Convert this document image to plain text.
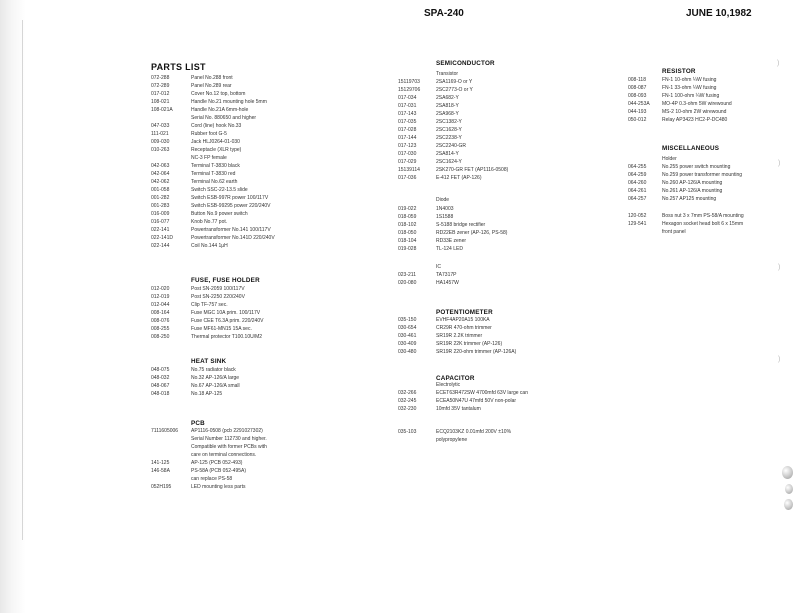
SPA-240	JUNE 10,1982
PARTS LIST
072-288	Panel No.288 front
072-289	Panel No.289 rear
017-012	Cover No.12 top, bottom
108-021	Handle No.21 mounting hole 5mm
108-021A	Handle No.21A 6mm-hole
Serial No. 880650 and higher
047-033	Cord (line) hook No.33
111-021	Rubber foot G-5
009-030	Jack HLJ0264-01-030
010-263	Receptacle (XLR type)
NC-3 FP female
042-063	Terminal T-3830 black
042-064	Terminal T-3830 red
042-062	Terminal No.62 earth
001-058	Switch SSC-22-13.5 slide
001-282	Switch ESB-997R power 100/117V
001-283	Switch ESB-99295 power 220/240V
016-009	Button No.9 power switch
016-077	Knob No.77 pot.
022-141	Powertransformer No.141 100/117V
022-141D	Powertransformer No.141D 220/240V
022-144	Coil No.144 1μH
FUSE, FUSE HOLDER
012-020	Post SN-2059 100/117V
012-019	Post SN-2250 220/240V
012-044	Clip TF-757 sec.
008-164	Fuse MGC 10A prim. 100/117V
008-076	Fuse CEE T6.3A prim. 220/240V
008-255	Fuse MF61-MN15 15A sec.
008-250	Thermal protector T100.10U/M2
HEAT SINK
048-075	No.75 radiator black
048-032	No.32 AP-126/A large
048-067	No.67 AP-126/A small
048-018	No.18 AP-125
PCB
7111605006	AP1116-0508 (pcb 2291027302)
Serial Number 112730 and higher.
Compatible with former PCBs with
care on terminal connections.
141-125	AP-125 (PCB 052-493)
146-58A	PS-58A (PCB 052-495A)
can replace PS-58
052H195	LED mounting less parts
SEMICONDUCTOR
Transistor
15119703	2SA1169-O or Y
15129706	2SC2773-O or Y
017-034	2SA682-Y
017-031	2SA818-Y
017-143	2SA968-Y
017-035	2SC1382-Y
017-028	2SC1628-Y
017-144	2SC2238-Y
017-123	2SC2240-GR
017-030	2SA814-Y
017-029	2SC1624-Y
15139114	2SK270-GR FET (AP1116-0508)
017-036	E-412 FET (AP-126)
Diode
019-022	1N4003
018-059	1S1588
018-102	S-5188 bridge rectifier
018-050	RD22EB zener (AP-126, PS-58)
018-104	RD33E zener
019-028	TL-124 LED
IC
023-211	TA7317P
020-080	HA1457W
POTENTIOMETER
035-150	EVHF4AP20A15 100KA
030-654	CR29R 470-ohm trimmer
030-461	SR19R 2.2K trimmer
030-409	SR19R 22K trimmer (AP-126)
030-480	SR19R 220-ohm trimmer (AP-126A)
CAPACITOR
Electrolytic
032-266	ECET63R472SW 4700mfd 63V large can
032-245	ECEA50N47U 47mfd 50V non-polar
032-230	10mfd 35V tantalum
035-103	ECQ2103KZ 0.01mfd 200V ±10%
polypropylene
RESISTOR
008-118	FN-1 10-ohm ¼W fusing
008-087	FN-1 33-ohm ¼W fusing
008-093	FN-1 100-ohm ¼W fusing
044-253A MO-4P 0.3-ohm 5W wirewound
044-193	MS-2 10-ohm 2W wirewound
050-012	Relay AP3423 HC2-P-DC480
MISCELLANEOUS
Holder
064-255	No.255 power switch mounting
064-259	No.259 power transformer mounting
064-260	No.260 AP-126/A mounting
064-261	No.261 AP-126/A mounting
064-257	No.257 AP125 mounting
120-052	Boss nut 3 x 7mm PS-58/A mounting
129-541	Hexagon socket head bolt 6 x 15mm
front panel
)
)
)
)
